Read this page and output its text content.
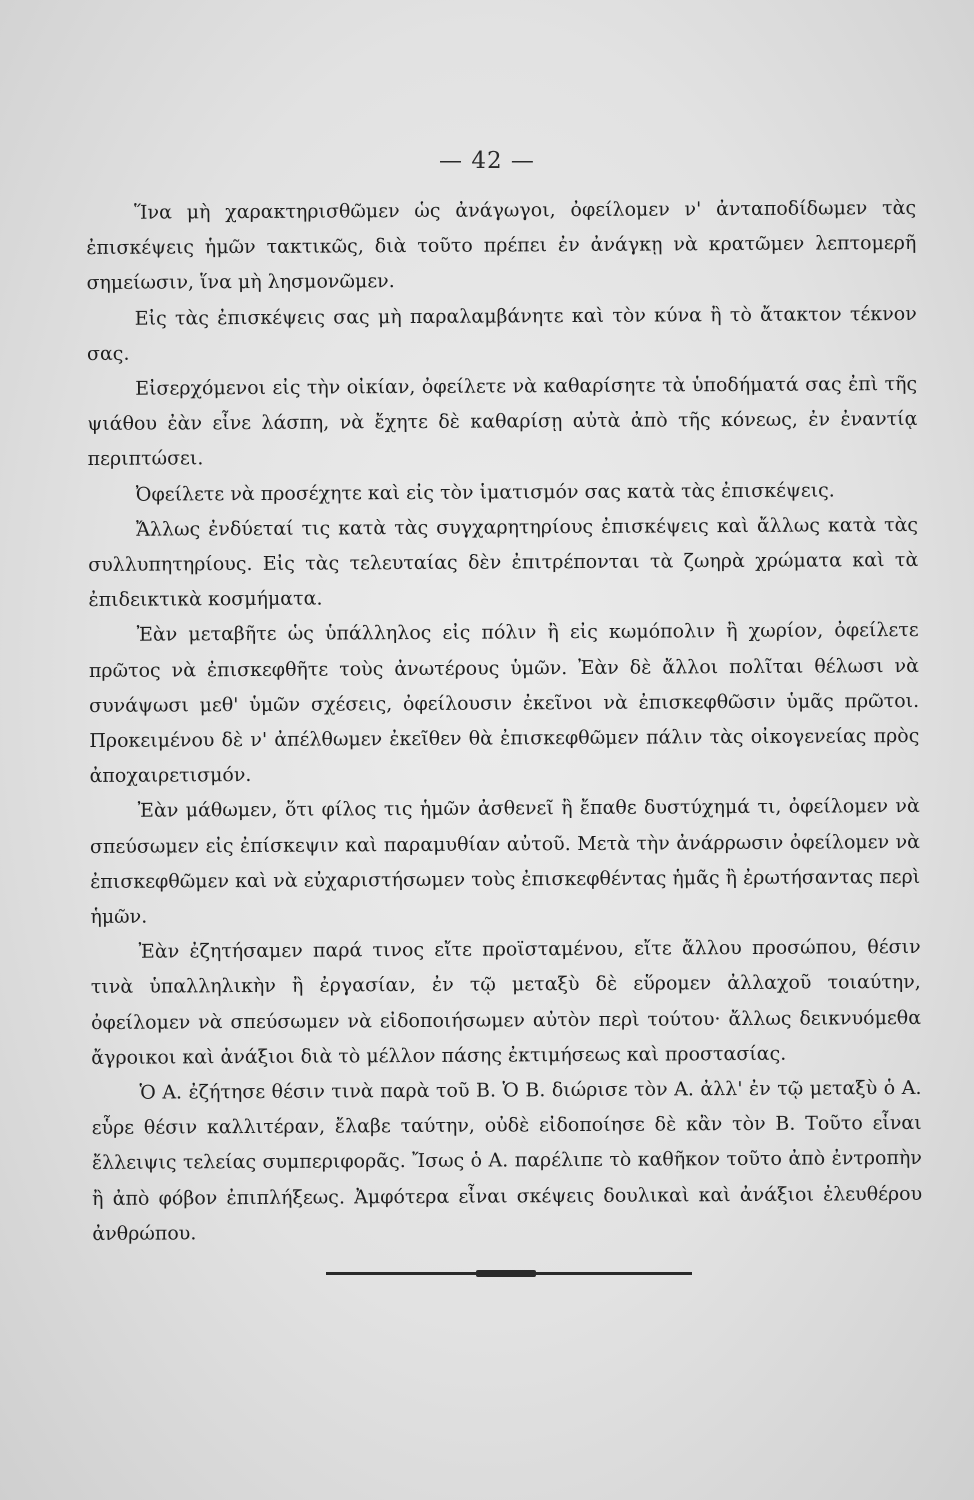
— 42 —

Ἵνα μὴ χαρακτηρισθῶμεν ὡς ἀνάγωγοι, ὀφείλομεν ν' ἀνταποδίδωμεν τὰς ἐπισκέψεις ἡμῶν τακτικῶς, διὰ τοῦτο πρέπει ἐν ἀνάγκῃ νὰ κρατῶμεν λεπτομερῆ σημείωσιν, ἵνα μὴ λησμονῶμεν.

Εἰς τὰς ἐπισκέψεις σας μὴ παραλαμβάνητε καὶ τὸν κύνα ἢ τὸ ἄτακτον τέκνον σας.

Εἰσερχόμενοι εἰς τὴν οἰκίαν, ὀφείλετε νὰ καθαρίσητε τὰ ὑποδήματά σας ἐπὶ τῆς ψιάθου ἐὰν εἶνε λάσπη, νὰ ἔχητε δὲ καθαρίσῃ αὐτὰ ἀπὸ τῆς κόνεως, ἐν ἐναντίᾳ περιπτώσει.

Ὀφείλετε νὰ προσέχητε καὶ εἰς τὸν ἱματισμόν σας κατὰ τὰς ἐπισκέψεις.

Ἄλλως ἐνδύεταί τις κατὰ τὰς συγχαρητηρίους ἐπισκέψεις καὶ ἄλλως κατὰ τὰς συλλυπητηρίους. Εἰς τὰς τελευταίας δὲν ἐπιτρέπονται τὰ ζωηρὰ χρώματα καὶ τὰ ἐπιδεικτικὰ κοσμήματα.

Ἐὰν μεταβῆτε ὡς ὑπάλληλος εἰς πόλιν ἢ εἰς κωμόπολιν ἢ χωρίον, ὀφείλετε πρῶτος νὰ ἐπισκεφθῆτε τοὺς ἀνωτέρους ὑμῶν. Ἐὰν δὲ ἄλλοι πολῖται θέλωσι νὰ συνάψωσι μεθ' ὑμῶν σχέσεις, ὀφείλουσιν ἐκεῖνοι νὰ ἐπισκεφθῶσιν ὑμᾶς πρῶτοι. Προκειμένου δὲ ν' ἀπέλθωμεν ἐκεῖθεν θὰ ἐπισκεφθῶμεν πάλιν τὰς οἰκογενείας πρὸς ἀποχαιρετισμόν.

Ἐὰν μάθωμεν, ὅτι φίλος τις ἡμῶν ἀσθενεῖ ἢ ἔπαθε δυστύχημά τι, ὀφείλομεν νὰ σπεύσωμεν εἰς ἐπίσκεψιν καὶ παραμυθίαν αὐτοῦ. Μετὰ τὴν ἀνάρρωσιν ὀφείλομεν νὰ ἐπισκεφθῶμεν καὶ νὰ εὐχαριστήσωμεν τοὺς ἐπισκεφθέντας ἡμᾶς ἢ ἐρωτήσαντας περὶ ἡμῶν.

Ἐὰν ἐζητήσαμεν παρά τινος εἴτε προϊσταμένου, εἴτε ἄλλου προσώπου, θέσιν τινὰ ὑπαλληλικὴν ἢ ἐργασίαν, ἐν τῷ μεταξὺ δὲ εὕρομεν ἀλλαχοῦ τοιαύτην, ὀφείλομεν νὰ σπεύσωμεν νὰ εἰδοποιήσωμεν αὐτὸν περὶ τούτου· ἄλλως δεικνυόμεθα ἄγροικοι καὶ ἀνάξιοι διὰ τὸ μέλλον πάσης ἐκτιμήσεως καὶ προστασίας.

Ὁ Α. ἐζήτησε θέσιν τινὰ παρὰ τοῦ Β. Ὁ Β. διώρισε τὸν Α. ἀλλ' ἐν τῷ μεταξὺ ὁ Α. εὗρε θέσιν καλλιτέραν, ἔλαβε ταύτην, οὐδὲ εἰδοποίησε δὲ κἂν τὸν Β. Τοῦτο εἶναι ἔλλειψις τελείας συμπεριφορᾶς. Ἴσως ὁ Α. παρέλιπε τὸ καθῆκον τοῦτο ἀπὸ ἐντροπὴν ἢ ἀπὸ φόβον ἐπιπλήξεως. Ἀμφότερα εἶναι σκέψεις δουλικαὶ καὶ ἀνάξιοι ἐλευθέρου ἀνθρώπου.
